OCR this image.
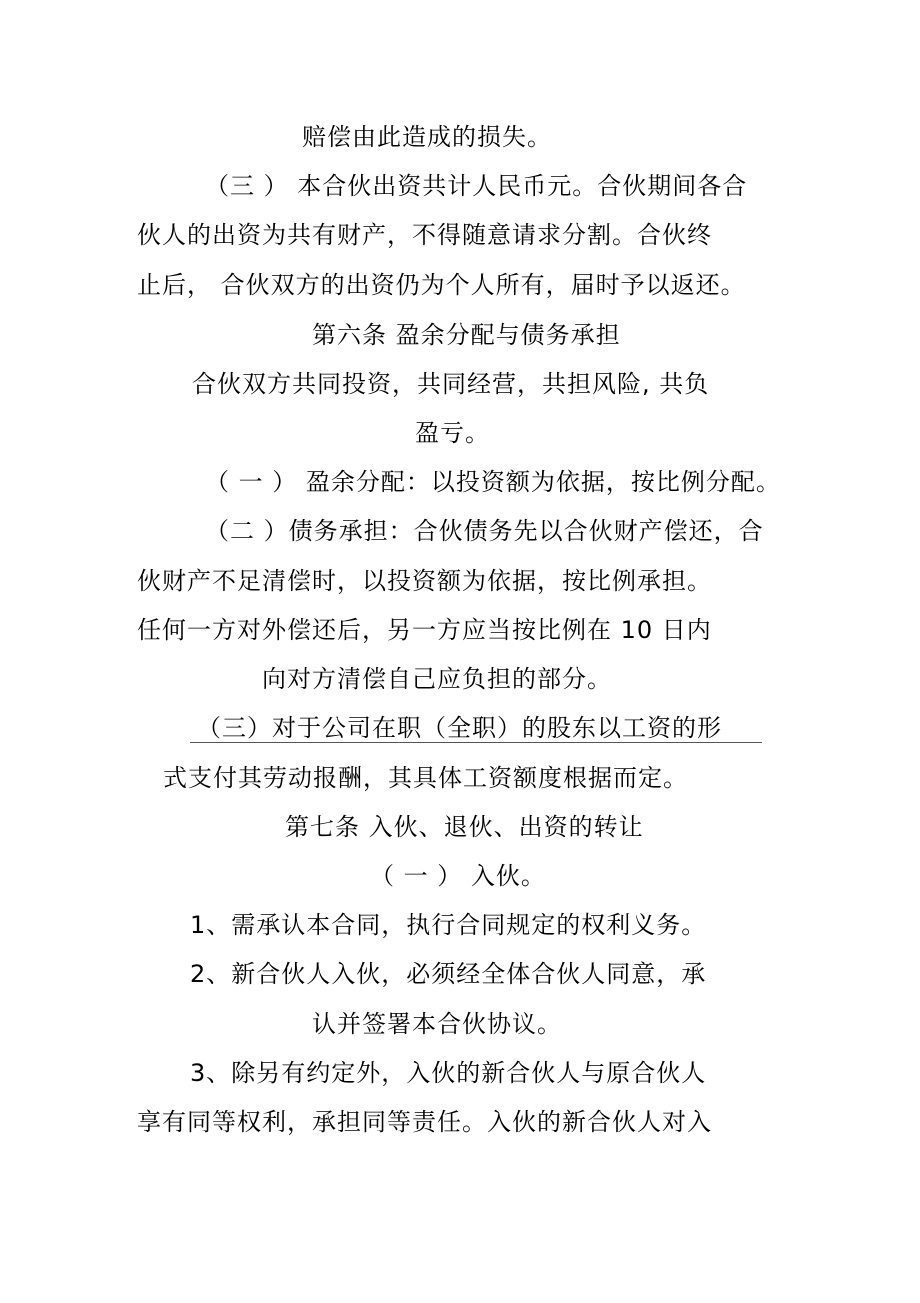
赔偿由此造成的损失。
（三 ） 本合伙出资共计人民币元。合伙期间各合
伙人的出资为共有财产，不得随意请求分割。合伙终
止后， 合伙双方的出资仍为个人所有，届时予以返还。
第六条 盈余分配与债务承担
合伙双方共同投资，共同经营，共担风险, 共负
盈亏。
（ 一 ） 盈余分配：以投资额为依据，按比例分配。
（二 ）债务承担：合伙债务先以合伙财产偿还，合
伙财产不足清偿时，以投资额为依据，按比例承担。
任何一方对外偿还后，另一方应当按比例在 10 日内
向对方清偿自己应负担的部分。
（三）对于公司在职（全职）的股东以工资的形
式支付其劳动报酬，其具体工资额度根据而定。
第七条 入伙、退伙、出资的转让
（ 一 ） 入伙。
1、需承认本合同，执行合同规定的权利义务。
2、新合伙人入伙，必须经全体合伙人同意，承
认并签署本合伙协议。
3、除另有约定外，入伙的新合伙人与原合伙人
享有同等权利，承担同等责任。入伙的新合伙人对入
